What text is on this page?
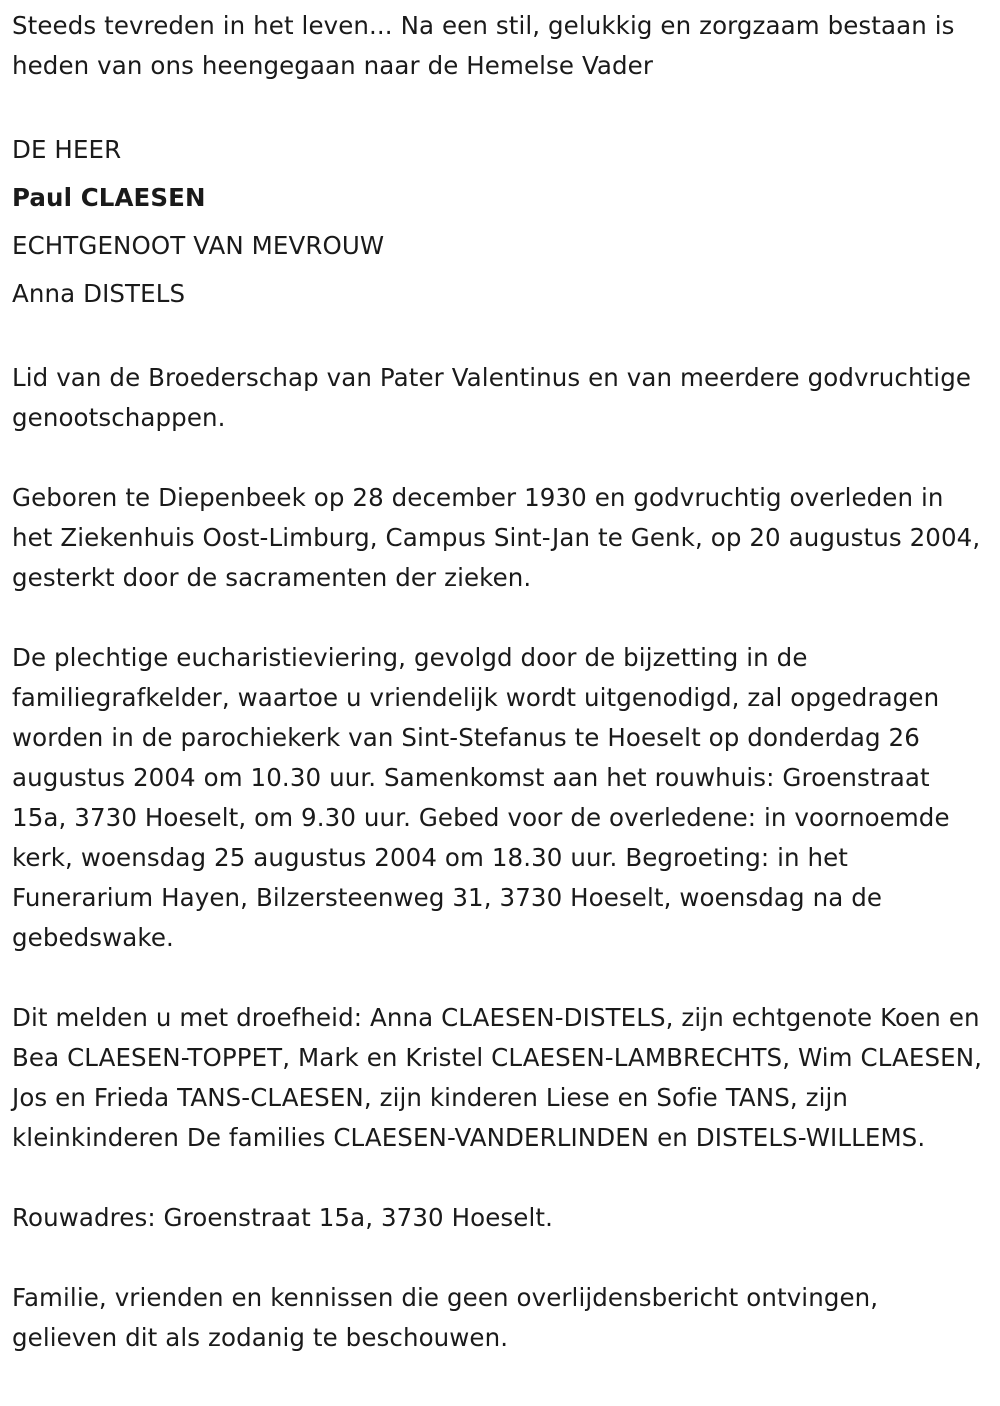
Steeds tevreden in het leven... Na een stil, gelukkig en zorgzaam bestaan is heden van ons heengegaan naar de Hemelse Vader

DE HEER
Paul CLAESEN
ECHTGENOOT VAN MEVROUW
Anna DISTELS

Lid van de Broederschap van Pater Valentinus en van meerdere godvruchtige genootschappen.

Geboren te Diepenbeek op 28 december 1930 en godvruchtig overleden in het Ziekenhuis Oost-Limburg, Campus Sint-Jan te Genk, op 20 augustus 2004, gesterkt door de sacramenten der zieken.

De plechtige eucharistieviering, gevolgd door de bijzetting in de familiegrafkelder, waartoe u vriendelijk wordt uitgenodigd, zal opgedragen worden in de parochiekerk van Sint-Stefanus te Hoeselt op donderdag 26 augustus 2004 om 10.30 uur. Samenkomst aan het rouwhuis: Groenstraat 15a, 3730 Hoeselt, om 9.30 uur. Gebed voor de overledene: in voornoemde kerk, woensdag 25 augustus 2004 om 18.30 uur. Begroeting: in het Funerarium Hayen, Bilzersteenweg 31, 3730 Hoeselt, woensdag na de gebedswake.

Dit melden u met droefheid: Anna CLAESEN-DISTELS, zijn echtgenote Koen en Bea CLAESEN-TOPPET, Mark en Kristel CLAESEN-LAMBRECHTS, Wim CLAESEN, Jos en Frieda TANS-CLAESEN, zijn kinderen Liese en Sofie TANS, zijn kleinkinderen De families CLAESEN-VANDERLINDEN en DISTELS-WILLEMS.

Rouwadres: Groenstraat 15a, 3730 Hoeselt.

Familie, vrienden en kennissen die geen overlijdensbericht ontvingen, gelieven dit als zodanig te beschouwen.
